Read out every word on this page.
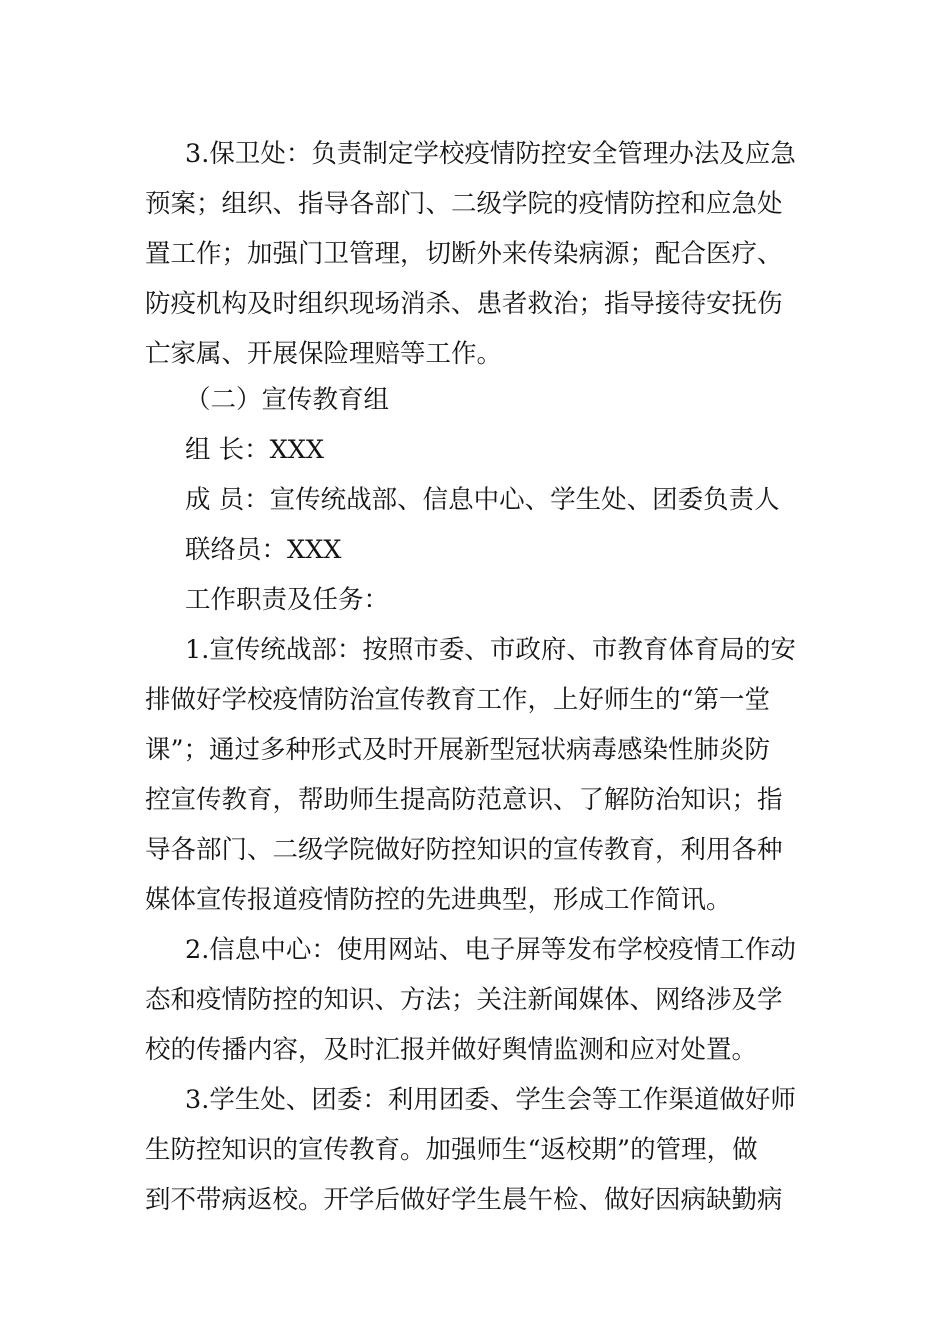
3.保卫处：负责制定学校疫情防控安全管理办法及应急
预案；组织、指导各部门、二级学院的疫情防控和应急处
置工作；加强门卫管理，切断外来传染病源；配合医疗、
防疫机构及时组织现场消杀、患者救治；指导接待安抚伤
亡家属、开展保险理赔等工作。
（二）宣传教育组
组 长：XXX
成 员：宣传统战部、信息中心、学生处、团委负责人
联络员：XXX
工作职责及任务：
1.宣传统战部：按照市委、市政府、市教育体育局的安
排做好学校疫情防治宣传教育工作，上好师生的“第一堂
课”；通过多种形式及时开展新型冠状病毒感染性肺炎防
控宣传教育，帮助师生提高防范意识、了解防治知识；指
导各部门、二级学院做好防控知识的宣传教育，利用各种
媒体宣传报道疫情防控的先进典型，形成工作简讯。
2.信息中心：使用网站、电子屏等发布学校疫情工作动
态和疫情防控的知识、方法；关注新闻媒体、网络涉及学
校的传播内容，及时汇报并做好舆情监测和应对处置。
3.学生处、团委：利用团委、学生会等工作渠道做好师
生防控知识的宣传教育。加强师生“返校期”的管理，做
到不带病返校。开学后做好学生晨午检、做好因病缺勤病
